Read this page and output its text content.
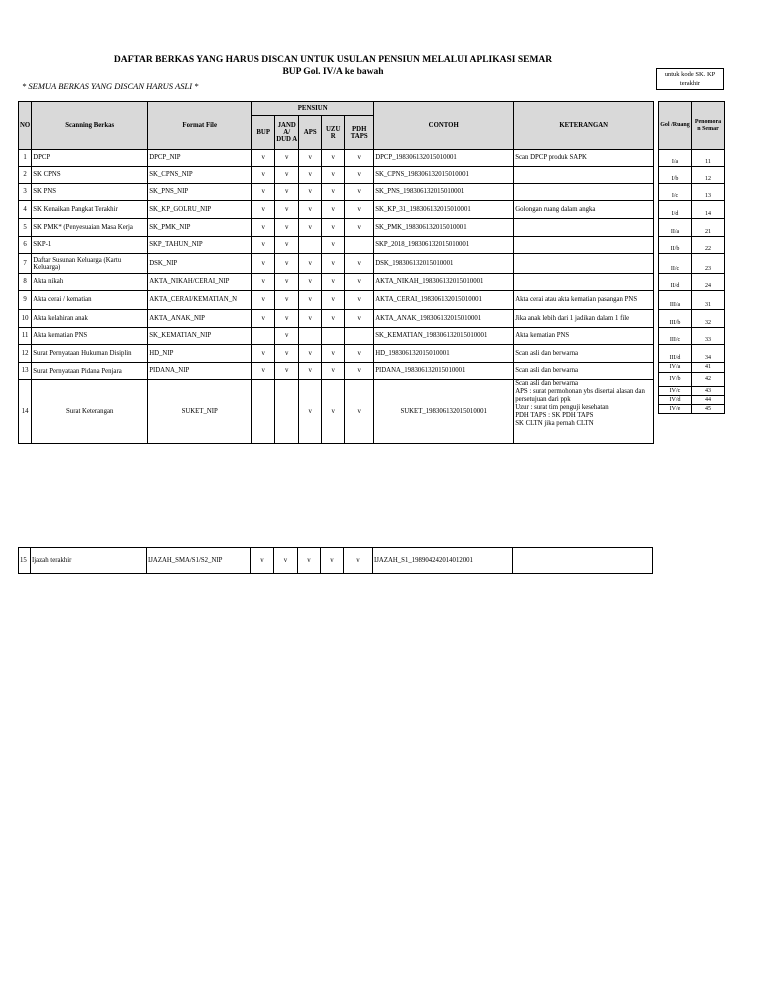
DAFTAR BERKAS YANG HARUS DISCAN UNTUK USULAN PENSIUN MELALUI APLIKASI SEMAR
BUP Gol. IV/A ke bawah
* SEMUA BERKAS YANG DISCAN HARUS ASLI *
untuk kode SK. KP terakhir
NO	Scanning Berkas	Format File	PENSIUN					CONTOH	KETERANGAN
			BUP	JAND A/ DUD A	APS	UZU R	PDH TAPS		
1	DPCP	DPCP_NIP	v	v	v	v	v	DPCP_198306132015010001	Scan DPCP produk SAPK
2	SK CPNS	SK_CPNS_NIP	v	v	v	v	v	SK_CPNS_198306132015010001	
3	SK PNS	SK_PNS_NIP	v	v	v	v	v	SK_PNS_198306132015010001	
4	SK Kenaikan Pangkat Terakhir	SK_KP_GOLRU_NIP	v	v	v	v	v	SK_KP_31_198306132015010001	Golongan ruang dalam angka
5	SK PMK* (Penyesuaian Masa Kerja	SK_PMK_NIP	v	v	v	v	v	SK_PMK_198306132015010001	
6	SKP-1	SKP_TAHUN_NIP	v	v		v		SKP_2018_198306132015010001	
7	Daftar Susunan Keluarga (Kartu Keluarga)	DSK_NIP	v	v	v	v	v	DSK_198306132015010001	
8	Akta nikah	AKTA_NIKAH/CERAI_NIP	v	v	v	v	v	AKTA_NIKAH_198306132015010001	
9	Akta cerai / kematian	AKTA_CERAI/KEMATIAN_N	v	v	v	v	v	AKTA_CERAI_198306132015010001	Akta cerai atau akta kematian pasangan PNS
10	Akta kelahiran anak	AKTA_ANAK_NIP	v	v	v	v	v	AKTA_ANAK_198306132015010001	Jika anak lebih dari 1 jadikan dalam 1 file
11	Akta kematian PNS	SK_KEMATIAN_NIP		v				SK_KEMATIAN_198306132015010001	Akta kematian PNS
12	Surat Pernyataan Hukuman Disiplin	HD_NIP	v	v	v	v	v	HD_198306132015010001	Scan asli dan berwarna
13	Surat Pernyataan Pidana Penjara	PIDANA_NIP	v	v	v	v	v	PIDANA_198306132015010001	Scan asli dan berwarna
14	Surat Keterangan	SUKET_NIP			v	v	v	SUKET_198306132015010001	Scan asli dan berwarna
APS : surat permohonan ybs disertai alasan dan persetujuan dari ppk
Uzur : surat tim penguji kesehatan
PDH TAPS : SK PDH TAPS
SK CLTN jika pernah CLTN
Gol /Ruang	Penomora n Semar
I/a	11
I/b	12
I/c	13
I/d	14
II/a	21
II/b	22
II/c	23
II/d	24
III/a	31
III/b	32
III/c	33
III/d	34
IV/a	41
IV/b	42
IV/c	43
IV/d	44
IV/e	45
15	Ijazah terakhir	IJAZAH_SMA/S1/S2_NIP	v	v	v	v	v	IJAZAH_S1_198904242014012001	
